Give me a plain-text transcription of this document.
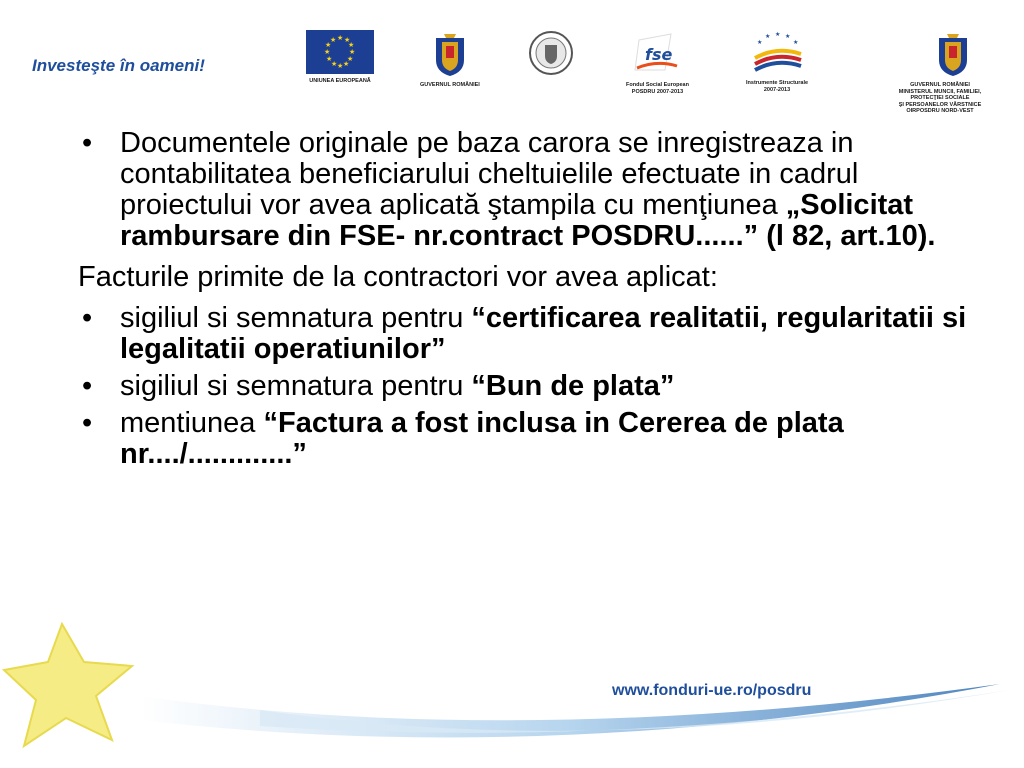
Investeşte în oameni!
★ ★
★
★
★
★
★
★
★
★
★
★
UNIUNEA EUROPEANĂ
GUVERNUL ROMÂNIEI
fse
Fondul Social European
POSDRU 2007-2013
★
★ ★ ★
★
Instrumente Structurale
2007-2013
GUVERNUL ROMÂNIEI
MINISTERUL MUNCII, FAMILIEI,
PROTECŢIEI SOCIALE
ŞI PERSOANELOR VÂRSTNICE
OIRPOSDRU NORD-VEST
• Documentele originale pe baza carora se inregistreaza in contabilitatea beneficiarului cheltuielile efectuate in cadrul proiectului vor avea aplicată ştampila cu menţiunea „Solicitat rambursare din FSE- nr.contract POSDRU......” (l 82, art.10).
Facturile primite de la contractori vor avea aplicat:
• sigiliul si semnatura pentru “certificarea realitatii, regularitatii si legalitatii operatiunilor”
• sigiliul si semnatura pentru “Bun de plata”
• mentiunea “Factura a fost inclusa in Cererea de plata nr..../.............”
www.fonduri-ue.ro/posdru
